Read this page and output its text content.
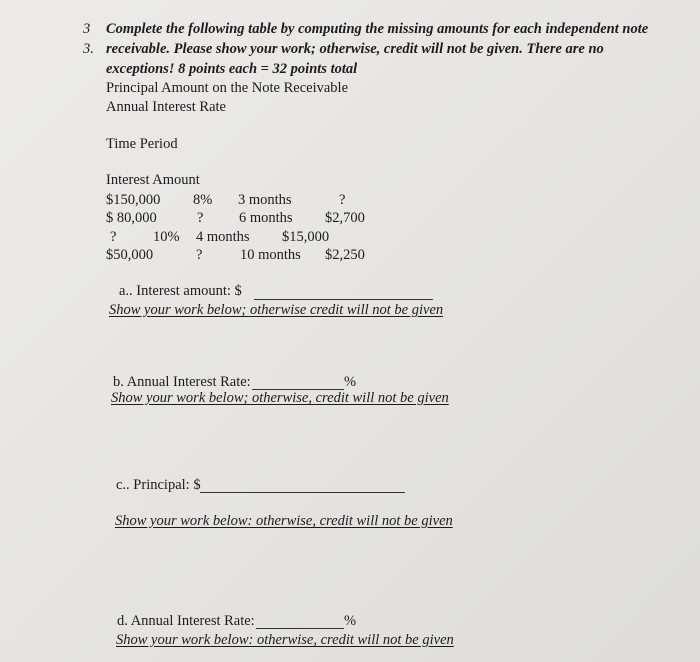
3
3.
Complete the following table by computing the missing amounts for each independent note
receivable. Please show your work; otherwise, credit will not be given. There are no
exceptions! 8 points each = 32 points total
Principal Amount on the Note Receivable
Annual Interest Rate
Time Period
Interest Amount
$150,000 8% 3 months	?
$ 80,000	? 6 months $2,700
?	10% 4 months $15,000
$50,000	?	10 months $2,250
a.. Interest amount: $
Show your work below; otherwise credit will not be given
b. Annual Interest Rate:	%
Show your work below; otherwise, credit will not be given
c.. Principal: $
Show your work below: otherwise, credit will not be given
d. Annual Interest Rate:	%
Show your work below: otherwise, credit will not be given
